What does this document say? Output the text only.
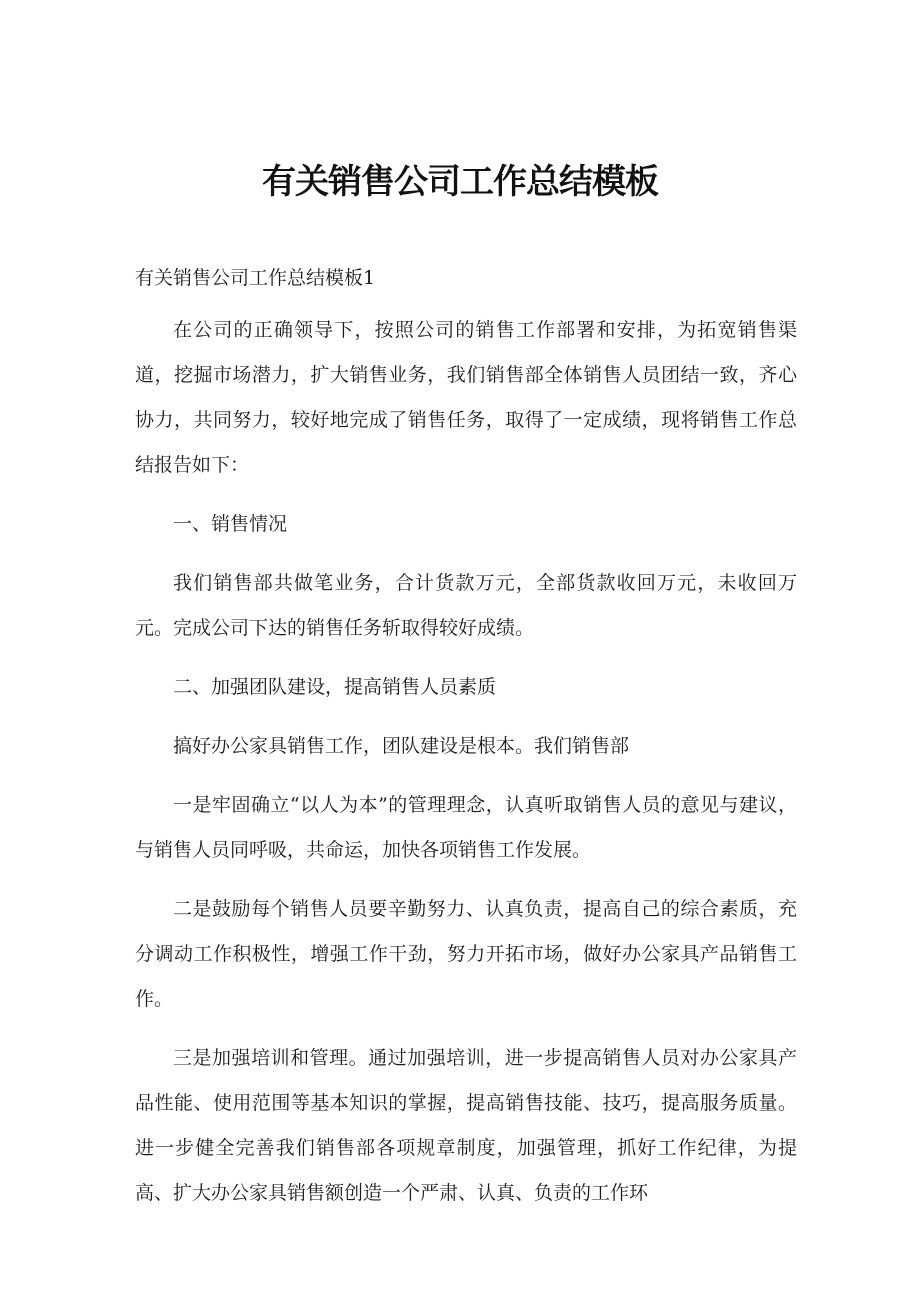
有关销售公司工作总结模板

有关销售公司工作总结模板1

在公司的正确领导下，按照公司的销售工作部署和安排，为拓宽销售渠道，挖掘市场潜力，扩大销售业务，我们销售部全体销售人员团结一致，齐心协力，共同努力，较好地完成了销售任务，取得了一定成绩，现将销售工作总结报告如下：

一、销售情况

我们销售部共做笔业务，合计货款万元，全部货款收回万元，未收回万元。完成公司下达的销售任务斩取得较好成绩。

二、加强团队建设，提高销售人员素质

搞好办公家具销售工作，团队建设是根本。我们销售部

一是牢固确立“以人为本”的管理理念，认真听取销售人员的意见与建议，与销售人员同呼吸，共命运，加快各项销售工作发展。

二是鼓励每个销售人员要辛勤努力、认真负责，提高自己的综合素质，充分调动工作积极性，增强工作干劲，努力开拓市场，做好办公家具产品销售工作。

三是加强培训和管理。通过加强培训，进一步提高销售人员对办公家具产品性能、使用范围等基本知识的掌握，提高销售技能、技巧，提高服务质量。进一步健全完善我们销售部各项规章制度，加强管理，抓好工作纪律，为提高、扩大办公家具销售额创造一个严肃、认真、负责的工作环
